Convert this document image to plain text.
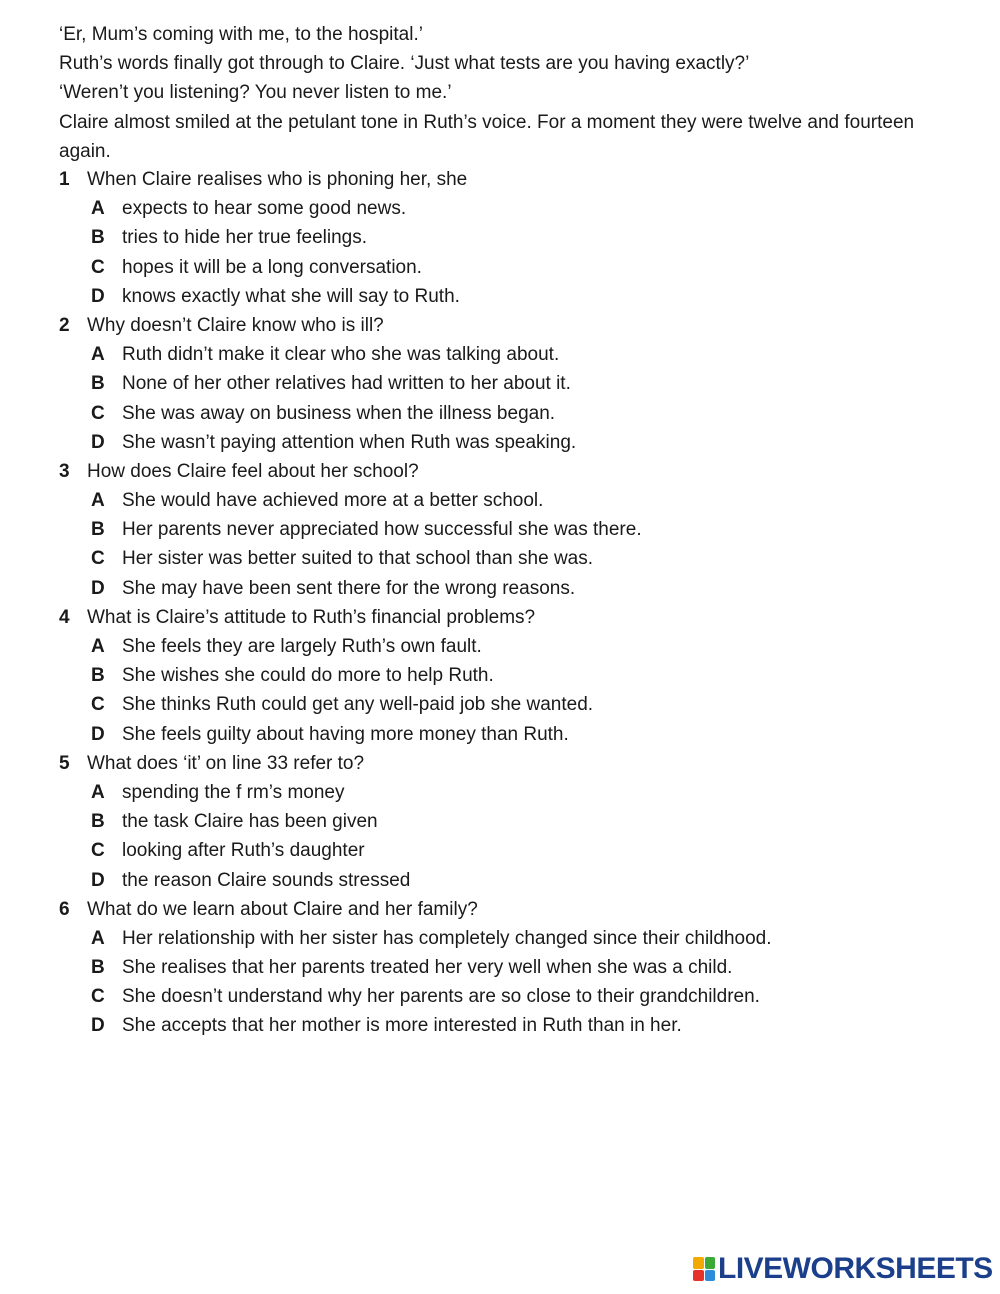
‘Er, Mum’s coming with me, to the hospital.’

Ruth’s words finally got through to Claire. ‘Just what tests are you having exactly?’

‘Weren’t you listening? You never listen to me.’

Claire almost smiled at the petulant tone in Ruth’s voice. For a moment they were twelve and fourteen again.

1 When Claire realises who is phoning her, she
A expects to hear some good news.
B tries to hide her true feelings.
C hopes it will be a long conversation.
D knows exactly what she will say to Ruth.
2 Why doesn’t Claire know who is ill?
A Ruth didn’t make it clear who she was talking about.
B None of her other relatives had written to her about it.
C She was away on business when the illness began.
D She wasn’t paying attention when Ruth was speaking.
3 How does Claire feel about her school?
A She would have achieved more at a better school.
B Her parents never appreciated how successful she was there.
C Her sister was better suited to that school than she was.
D She may have been sent there for the wrong reasons.
4 What is Claire’s attitude to Ruth’s financial problems?
A She feels they are largely Ruth’s own fault.
B She wishes she could do more to help Ruth.
C She thinks Ruth could get any well-paid job she wanted.
D She feels guilty about having more money than Ruth.
5 What does ‘it’ on line 33 refer to?
A spending the f rm’s money
B the task Claire has been given
C looking after Ruth’s daughter
D the reason Claire sounds stressed
6 What do we learn about Claire and her family?
A Her relationship with her sister has completely changed since their childhood.
B She realises that her parents treated her very well when she was a child.
C She doesn’t understand why her parents are so close to their grandchildren.
D She accepts that her mother is more interested in Ruth than in her.
LIVEWORKSHEETS
